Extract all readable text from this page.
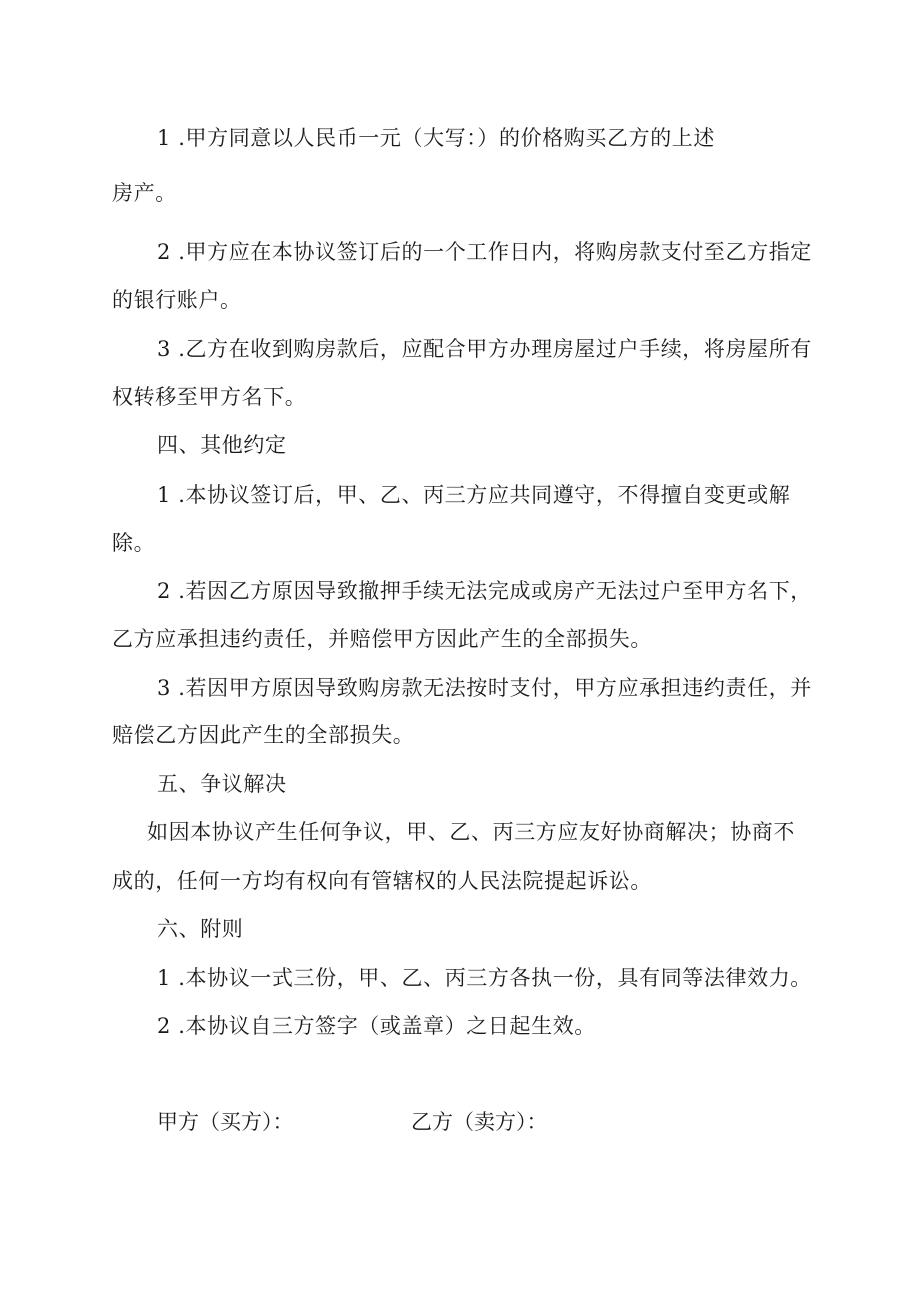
1 .甲方同意以人民币一元（大写：）的价格购买乙方的上述
房产。
2 .甲方应在本协议签订后的一个工作日内，将购房款支付至乙方指定
的银行账户。
3 .乙方在收到购房款后，应配合甲方办理房屋过户手续，将房屋所有
权转移至甲方名下。
四、其他约定
1 .本协议签订后，甲、乙、丙三方应共同遵守，不得擅自变更或解
除。
2 .若因乙方原因导致撤押手续无法完成或房产无法过户至甲方名下，
乙方应承担违约责任，并赔偿甲方因此产生的全部损失。
3 .若因甲方原因导致购房款无法按时支付，甲方应承担违约责任，并
赔偿乙方因此产生的全部损失。
五、争议解决
如因本协议产生任何争议，甲、乙、丙三方应友好协商解决；协商不
成的，任何一方均有权向有管辖权的人民法院提起诉讼。
六、附则
1 .本协议一式三份，甲、乙、丙三方各执一份，具有同等法律效力。
2 .本协议自三方签字（或盖章）之日起生效。
甲方（买方）：	乙方（卖方）：
